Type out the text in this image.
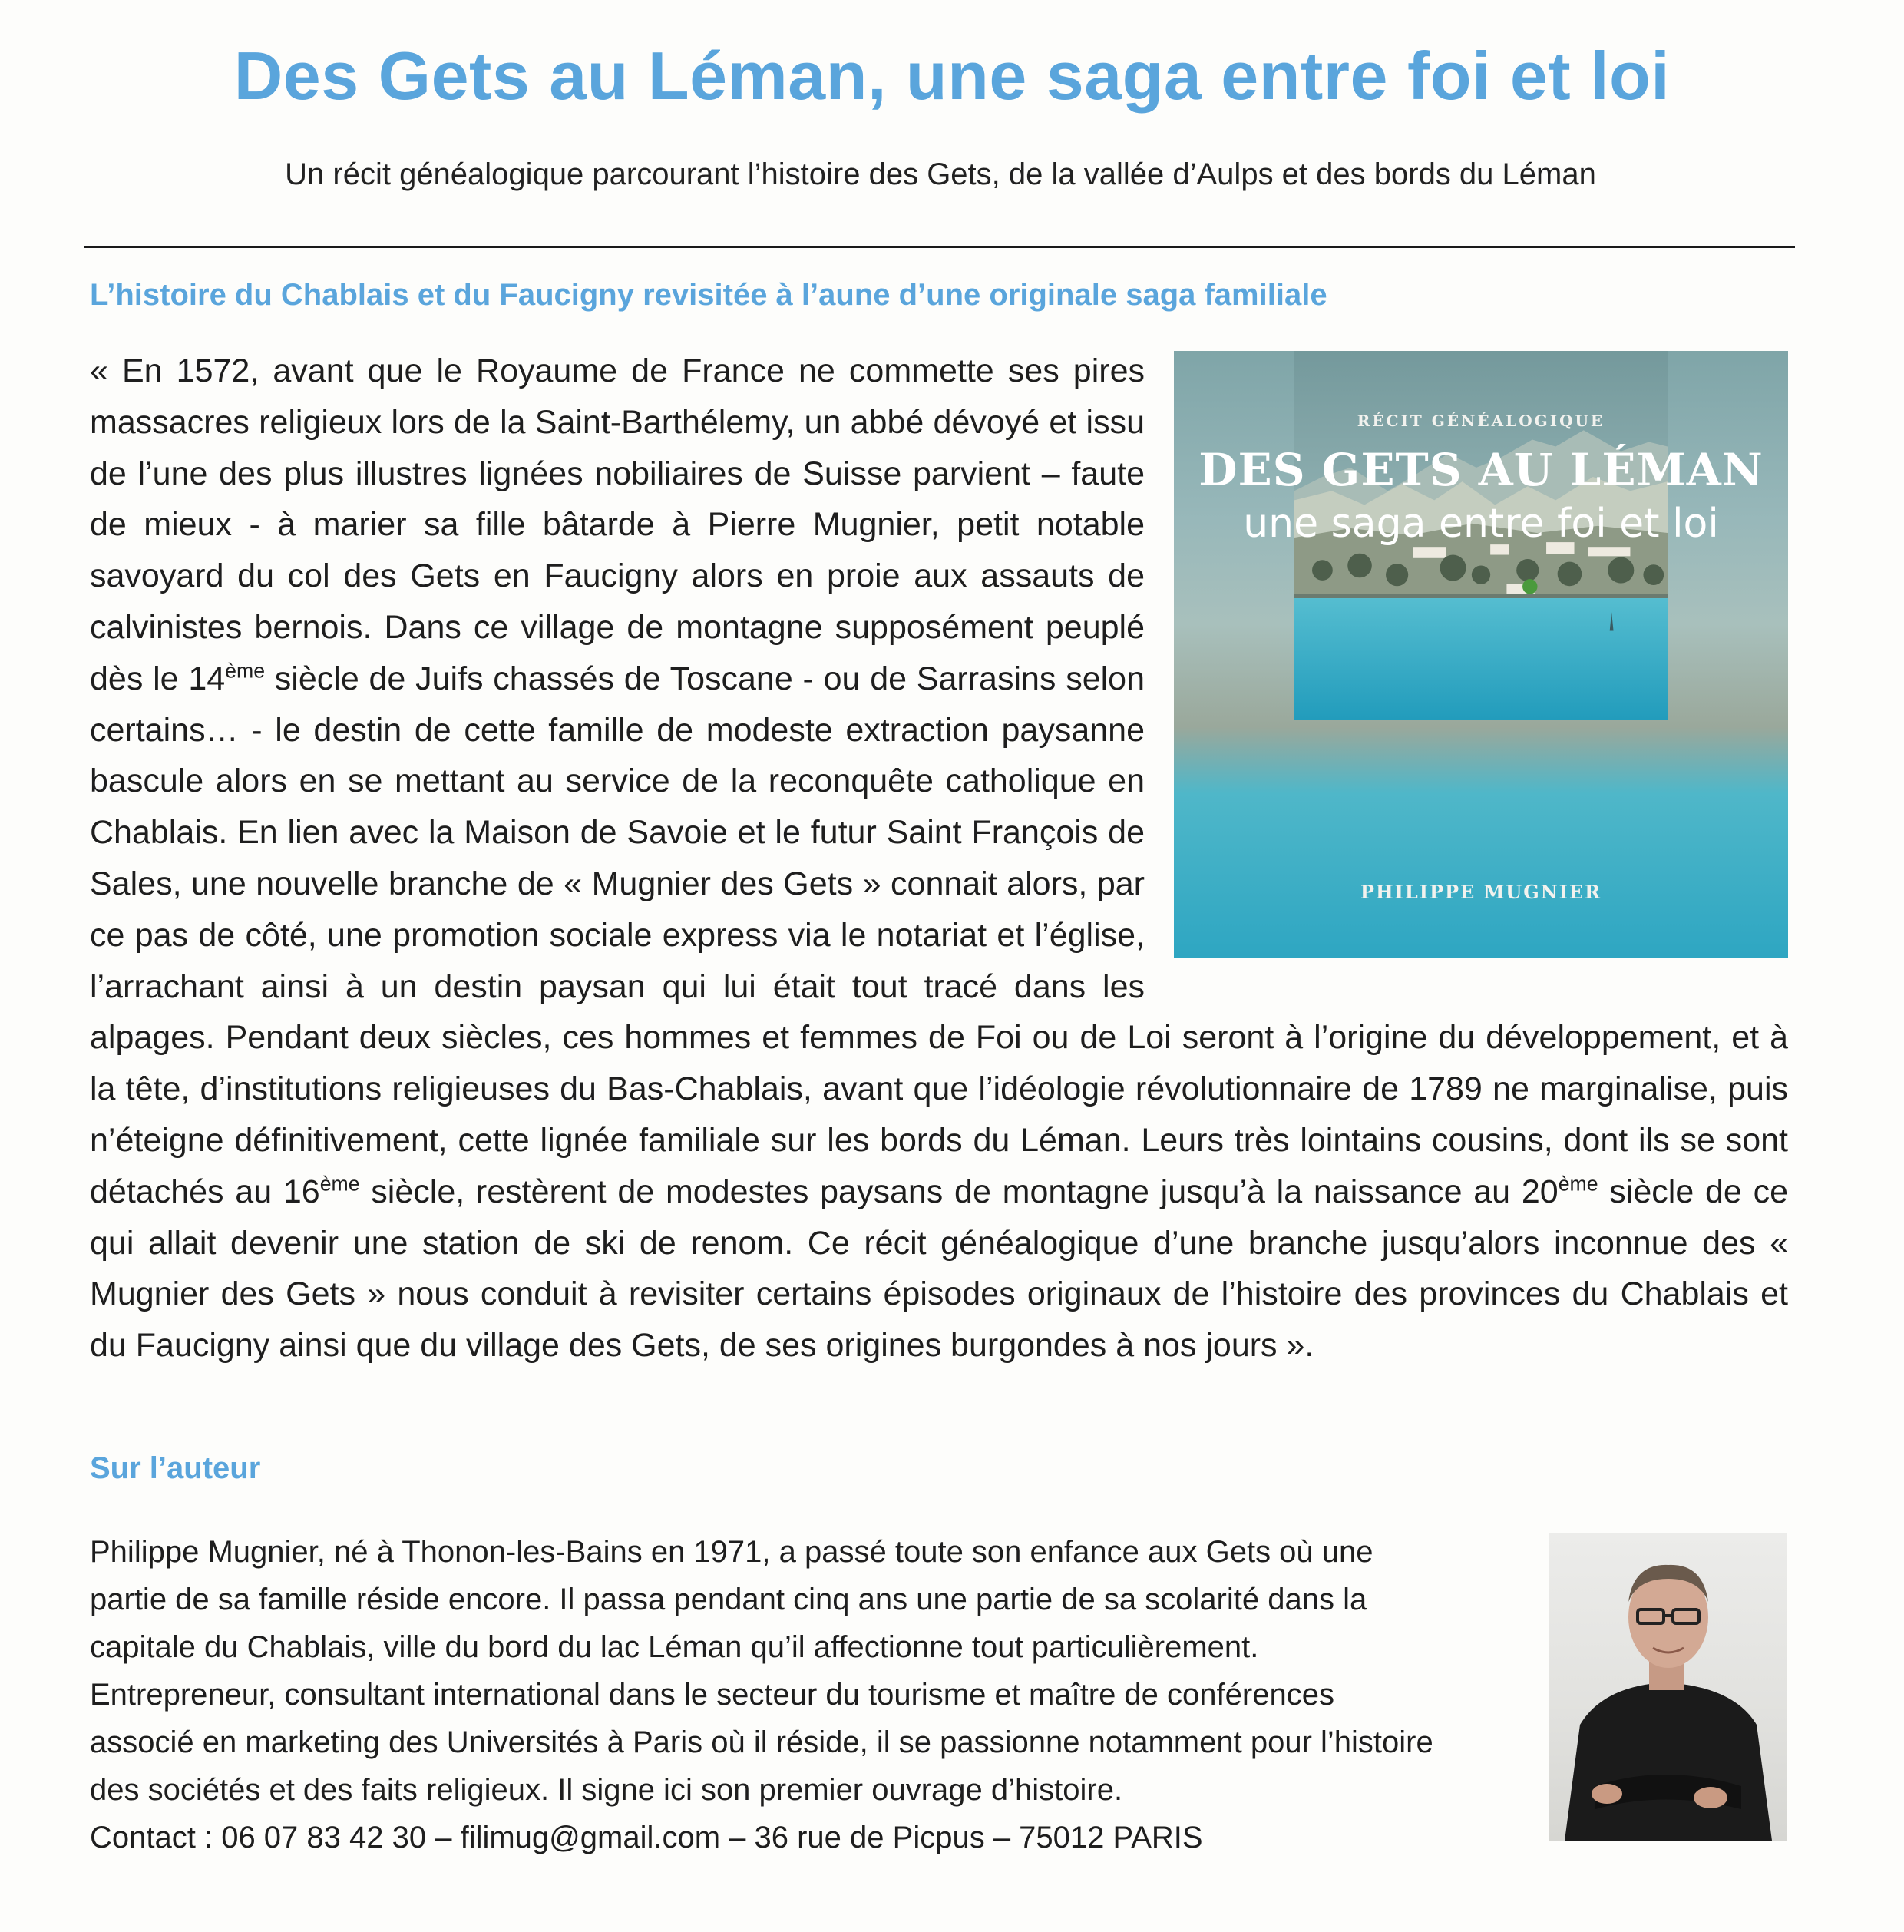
Des Gets au Léman, une saga entre foi et loi
Un récit généalogique parcourant l’histoire des Gets, de la vallée d’Aulps et des bords du Léman
L’histoire du Chablais et du Faucigny revisitée à l’aune d’une originale saga familiale

RÉCIT GÉNÉALOGIQUE
DES GETS AU LÉMAN
une saga entre foi et loi
PHILIPPE MUGNIER
« En 1572, avant que le Royaume de France ne commette ses pires massacres religieux lors de la Saint-Barthélemy, un abbé dévoyé et issu de l’une des plus illustres lignées nobiliaires de Suisse parvient – faute de mieux - à marier sa fille bâtarde à Pierre Mugnier, petit notable savoyard du col des Gets en Faucigny alors en proie aux assauts de calvinistes bernois. Dans ce village de montagne supposément peuplé dès le 14ème siècle de Juifs chassés de Toscane - ou de Sarrasins selon certains… - le destin de cette famille de modeste extraction paysanne bascule alors en se mettant au service de la reconquête catholique en Chablais. En lien avec la Maison de Savoie et le futur Saint François de Sales, une nouvelle branche de « Mugnier des Gets » connait alors, par ce pas de côté, une promotion sociale express via le notariat et l’église, l’arrachant ainsi à un destin paysan qui lui était tout tracé dans les alpages. Pendant deux siècles, ces hommes et femmes de Foi ou de Loi seront à l’origine du développement, et à la tête, d’institutions religieuses du Bas-Chablais, avant que l’idéologie révolutionnaire de 1789 ne marginalise, puis n’éteigne définitivement, cette lignée familiale sur les bords du Léman. Leurs très lointains cousins, dont ils se sont détachés au 16ème siècle, restèrent de modestes paysans de montagne jusqu’à la naissance au 20ème siècle de ce qui allait devenir une station de ski de renom. Ce récit généalogique d’une branche jusqu’alors inconnue des « Mugnier des Gets » nous conduit à revisiter certains épisodes originaux de l’histoire des provinces du Chablais et du Faucigny ainsi que du village des Gets, de ses origines burgondes à nos jours ».

Sur l’auteur

Philippe Mugnier, né à Thonon-les-Bains en 1971, a passé toute son enfance aux Gets où une

partie de sa famille réside encore. Il passa pendant cinq ans une partie de sa scolarité dans la

capitale du Chablais, ville du bord du lac Léman qu’il affectionne tout particulièrement.

Entrepreneur, consultant international dans le secteur du tourisme et maître de conférences

associé en marketing des Universités à Paris où il réside, il se passionne notamment pour l’histoire

des sociétés et des faits religieux. Il signe ici son premier ouvrage d’histoire.

Contact : 06 07 83 42 30 – filimug@gmail.com – 36 rue de Picpus – 75012 PARIS
